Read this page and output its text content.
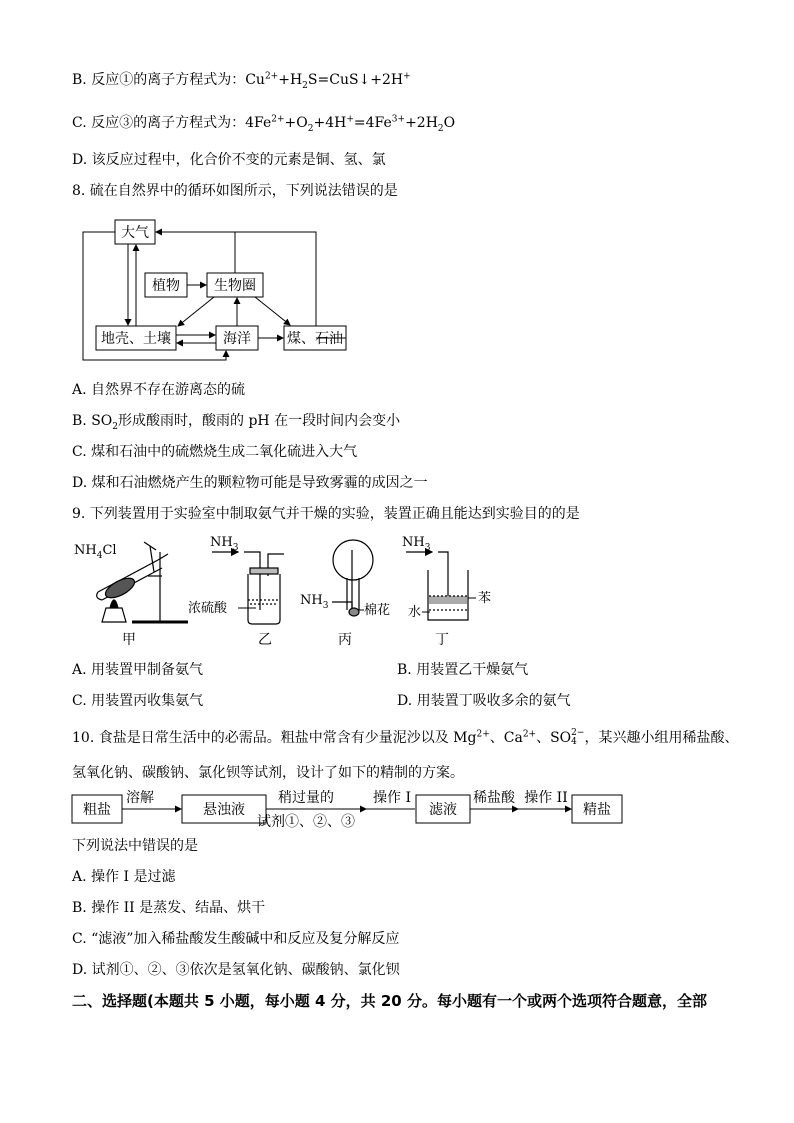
B. 反应①的离子方程式为：$Cu^{2+}+H_2S=CuS↓+2H^+$
C. 反应③的离子方程式为：$4Fe^{2+}+O_2+4H^+=4Fe^{3+}+2H_2O$
D. 该反应过程中，化合价不变的元素是铜、氢、氯
8. 硫在自然界中的循环如图所示，下列说法错误的是
大气
植物 生物圈
地壳、土壤	海洋	煤、石油
A. 自然界不存在游离态的硫
B. $SO_2$形成酸雨时，酸雨的 pH 在一段时间内会变小
C. 煤和石油中的硫燃烧生成二氧化硫进入大气
D. 煤和石油燃烧产生的颗粒物可能是导致雾霾的成因之一
9. 下列装置用于实验室中制取氨气并干燥的实验，装置正确且能达到实验目的的是
$NH_4Cl$
甲
$NH_3$
浓硫酸
乙
$NH_3$	棉花
丙
$NH_3$
苯
水
丁
A. 用装置甲制备氨气	B. 用装置乙干燥氨气
C. 用装置丙收集氨气	D. 用装置丁吸收多余的氨气
10. 食盐是日常生活中的必需品。粗盐中常含有少量泥沙以及 $Mg^{2+}$、$Ca^{2+}$、SO 2−
4 ，某兴趣小组用稀盐酸、
氢氧化钠、碳酸钠、氯化钡等试剂，设计了如下的精制的方案。
粗盐
溶解
悬浊液
稍过量的
试剂①、②、③
操作 I
滤液
稀盐酸 操作 II
精盐
下列说法中错误的是
A. 操作 I 是过滤
B. 操作 II 是蒸发、结晶、烘干
C. “滤液”加入稀盐酸发生酸碱中和反应及复分解反应
D. 试剂①、②、③依次是氢氧化钠、碳酸钠、氯化钡
二、选择题(本题共 5 小题，每小题 4 分，共 20 分。每小题有一个或两个选项符合题意，全部
